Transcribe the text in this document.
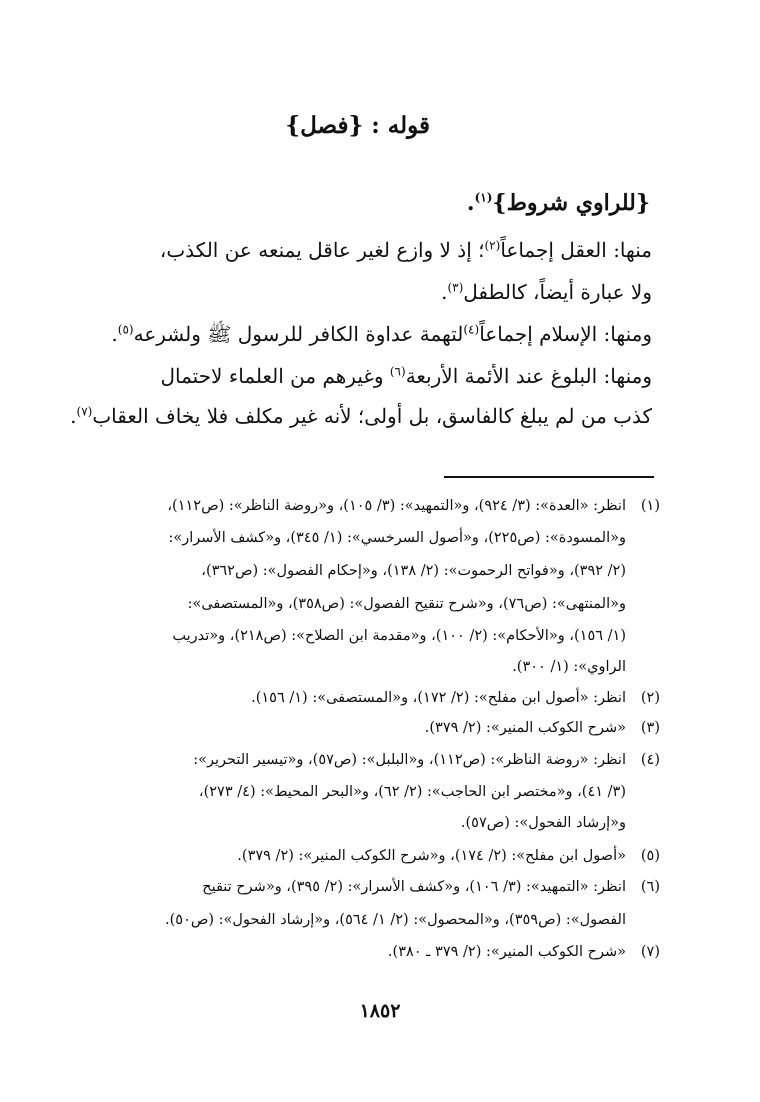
قوله : {فصل}
{للراوي شروط}$^{(١)}$.
منها: العقل إجماعاً$^{(٢)}$؛ إذ لا وازع لغير عاقل يمنعه عن الكذب،
ولا عبارة أيضاً، كالطفل$^{(٣)}$.
ومنها: الإسلام إجماعاً$^{(٤)}$لتهمة عداوة الكافر للرسول ﷺ ولشرعه$^{(٥)}$.
ومنها: البلوغ عند الأئمة الأربعة$^{(٦)}$ وغيرهم من العلماء لاحتمال
كذب من لم يبلغ كالفاسق، بل أولى؛ لأنه غير مكلف فلا يخاف العقاب$^{(٧)}$.
(١)
انظر: «العدة»: (٣/ ٩٢٤)، و«التمهيد»: (٣/ ١٠٥)، و«روضة الناظر»: (ص١١٢)،
و«المسودة»: (ص٢٢٥)، و«أصول السرخسي»: (١/ ٣٤٥)، و«كشف الأسرار»:
(٢/ ٣٩٢)، و«فواتح الرحموت»: (٢/ ١٣٨)، و«إحكام الفصول»: (ص٣٦٢)،
و«المنتهى»: (ص٧٦)، و«شرح تنقيح الفصول»: (ص٣٥٨)، و«المستصفى»:
(١/ ١٥٦)، و«الأحكام»: (٢/ ١٠٠)، و«مقدمة ابن الصلاح»: (ص٢١٨)، و«تدريب
الراوي»: (١/ ٣٠٠).
(٢)
انظر: «أصول ابن مفلح»: (٢/ ١٧٢)، و«المستصفى»: (١/ ١٥٦).
(٣)
«شرح الكوكب المنير»: (٢/ ٣٧٩).
(٤)
انظر: «روضة الناظر»: (ص١١٢)، و«البلبل»: (ص٥٧)، و«تيسير التحرير»:
(٣/ ٤١)، و«مختصر ابن الحاجب»: (٢/ ٦٢)، و«البحر المحيط»: (٤/ ٢٧٣)،
و«إرشاد الفحول»: (ص٥٧).
(٥)
«أصول ابن مفلح»: (٢/ ١٧٤)، و«شرح الكوكب المنير»: (٢/ ٣٧٩).
(٦)
انظر: «التمهيد»: (٣/ ١٠٦)، و«كشف الأسرار»: (٢/ ٣٩٥)، و«شرح تنقيح
الفصول»: (ص٣٥٩)، و«المحصول»: (٢/ ١/ ٥٦٤)، و«إرشاد الفحول»: (ص٥٠).
(٧)
«شرح الكوكب المنير»: (٢/ ٣٧٩ ـ ٣٨٠).
١٨٥٢
